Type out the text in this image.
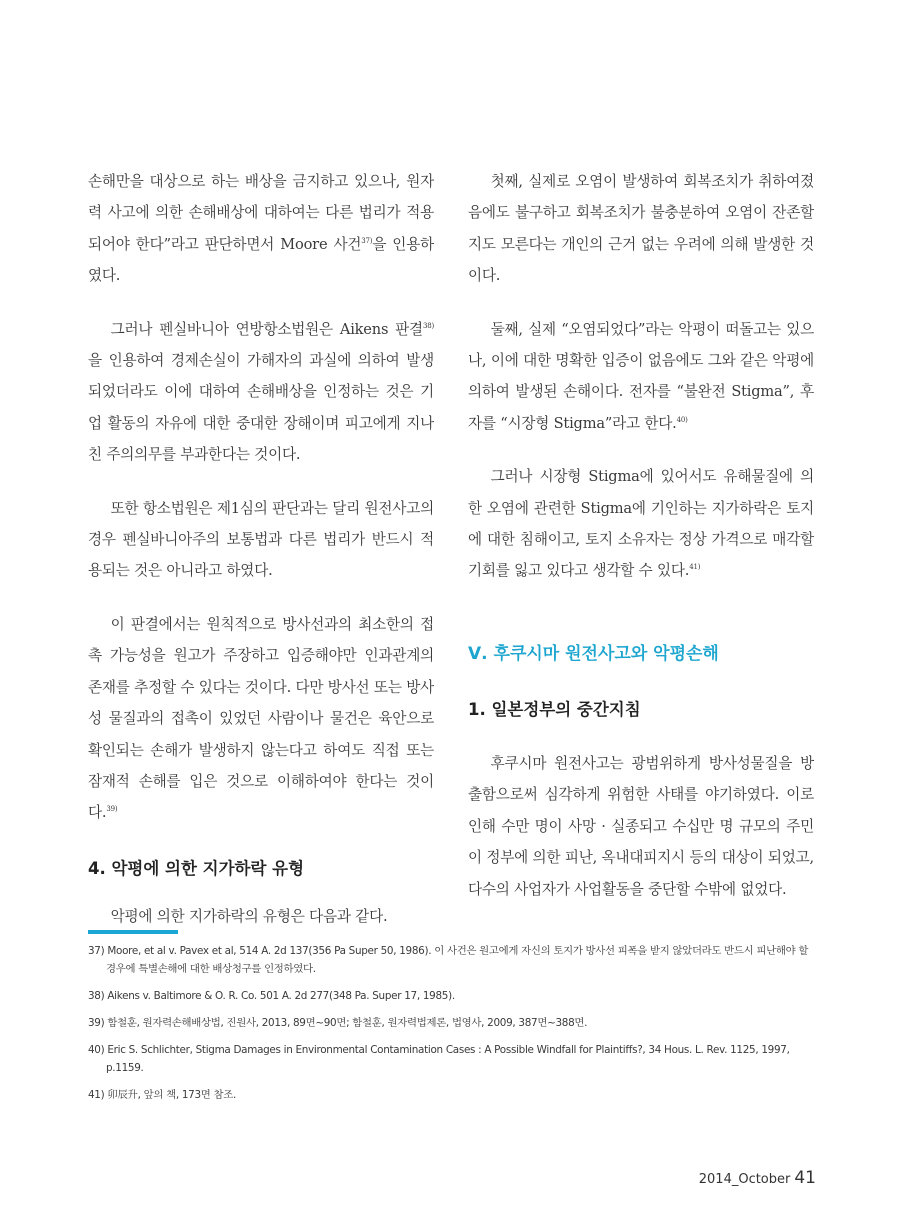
손해만을 대상으로 하는 배상을 금지하고 있으나, 원자력 사고에 의한 손해배상에 대하여는 다른 법리가 적용되어야 한다”라고 판단하면서 Moore 사건$^{37)}$을 인용하였다.

그러나 펜실바니아 연방항소법원은 Aikens 판결$^{38)}$을 인용하여 경제손실이 가해자의 과실에 의하여 발생되었더라도 이에 대하여 손해배상을 인정하는 것은 기업 활동의 자유에 대한 중대한 장해이며 피고에게 지나친 주의의무를 부과한다는 것이다.

또한 항소법원은 제1심의 판단과는 달리 원전사고의 경우 펜실바니아주의 보통법과 다른 법리가 반드시 적용되는 것은 아니라고 하였다.

이 판결에서는 원칙적으로 방사선과의 최소한의 접촉 가능성을 원고가 주장하고 입증해야만 인과관계의 존재를 추정할 수 있다는 것이다. 다만 방사선 또는 방사성 물질과의 접촉이 있었던 사람이나 물건은 육안으로 확인되는 손해가 발생하지 않는다고 하여도 직접 또는 잠재적 손해를 입은 것으로 이해하여야 한다는 것이다.$^{39)}$

4. 악평에 의한 지가하락 유형

악평에 의한 지가하락의 유형은 다음과 같다.

첫째, 실제로 오염이 발생하여 회복조치가 취하여졌음에도 불구하고 회복조치가 불충분하여 오염이 잔존할지도 모른다는 개인의 근거 없는 우려에 의해 발생한 것이다.

둘째, 실제 “오염되었다”라는 악평이 떠돌고는 있으나, 이에 대한 명확한 입증이 없음에도 그와 같은 악평에 의하여 발생된 손해이다. 전자를 “불완전 Stigma”, 후자를 “시장형 Stigma”라고 한다.$^{40)}$

그러나 시장형 Stigma에 있어서도 유해물질에 의한 오염에 관련한 Stigma에 기인하는 지가하락은 토지에 대한 침해이고, 토지 소유자는 정상 가격으로 매각할 기회를 잃고 있다고 생각할 수 있다.$^{41)}$

Ⅴ. 후쿠시마 원전사고와 악평손해
1. 일본정부의 중간지침

후쿠시마 원전사고는 광범위하게 방사성물질을 방출함으로써 심각하게 위험한 사태를 야기하였다. 이로 인해 수만 명이 사망 · 실종되고 수십만 명 규모의 주민이 정부에 의한 피난, 옥내대피지시 등의 대상이 되었고, 다수의 사업자가 사업활동을 중단할 수밖에 없었다.

37) Moore, et al v. Pavex et al, 514 A. 2d 137(356 Pa Super 50, 1986). 이 사건은 원고에게 자신의 토지가 방사선 피폭을 받지 않았더라도 반드시 피난해야 할 경우에 특별손해에 대한 배상청구를 인정하였다.

38) Aikens v. Baltimore & O. R. Co. 501 A. 2d 277(348 Pa. Super 17, 1985).

39) 함철훈, 원자력손해배상법, 진원사, 2013, 89면~90면; 함철훈, 원자력법제론, 법영사, 2009, 387면~388면.

40) Eric S. Schlichter, Stigma Damages in Environmental Contamination Cases : A Possible Windfall for Plaintiffs?, 34 Hous. L. Rev. 1125, 1997, p.1159.

41) 卯辰升, 앞의 책, 173면 참조.

2014_October 41
